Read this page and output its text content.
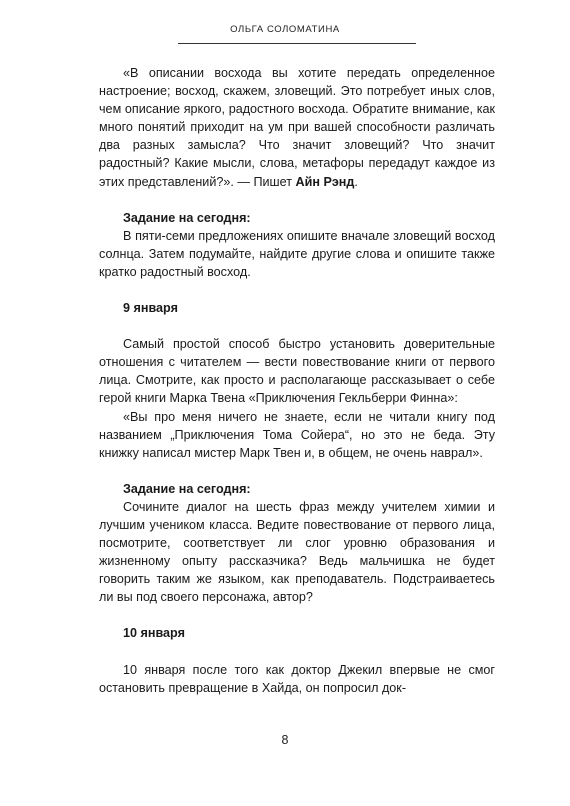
ОЛЬГА СОЛОМАТИНА

«В описании восхода вы хотите передать определенное настроение; восход, скажем, зловещий. Это потребует иных слов, чем описание яркого, радостного восхода. Обратите внимание, как много понятий приходит на ум при вашей способности различать два разных замысла? Что значит зловещий? Что значит радостный? Какие мысли, слова, метафоры передадут каждое из этих представлений?». — Пишет Айн Рэнд.

Задание на сегодня:

В пяти-семи предложениях опишите вначале зловещий восход солнца. Затем подумайте, найдите другие слова и опишите также кратко радостный восход.

9 января

Самый простой способ быстро установить доверительные отношения с читателем — вести повествование книги от первого лица. Смотрите, как просто и располагающе рассказывает о себе герой книги Марка Твена «Приключения Гекльберри Финна»:

«Вы про меня ничего не знаете, если не читали книгу под названием „Приключения Тома Сойера“, но это не беда. Эту книжку написал мистер Марк Твен и, в общем, не очень наврал».

Задание на сегодня:

Сочините диалог на шесть фраз между учителем химии и лучшим учеником класса. Ведите повествование от первого лица, посмотрите, соответствует ли слог уровню образования и жизненному опыту рассказчика? Ведь мальчишка не будет говорить таким же языком, как преподаватель. Подстраиваетесь ли вы под своего персонажа, автор?

10 января

10 января после того как доктор Джекил впервые не смог остановить превращение в Хайда, он попросил док-

8
